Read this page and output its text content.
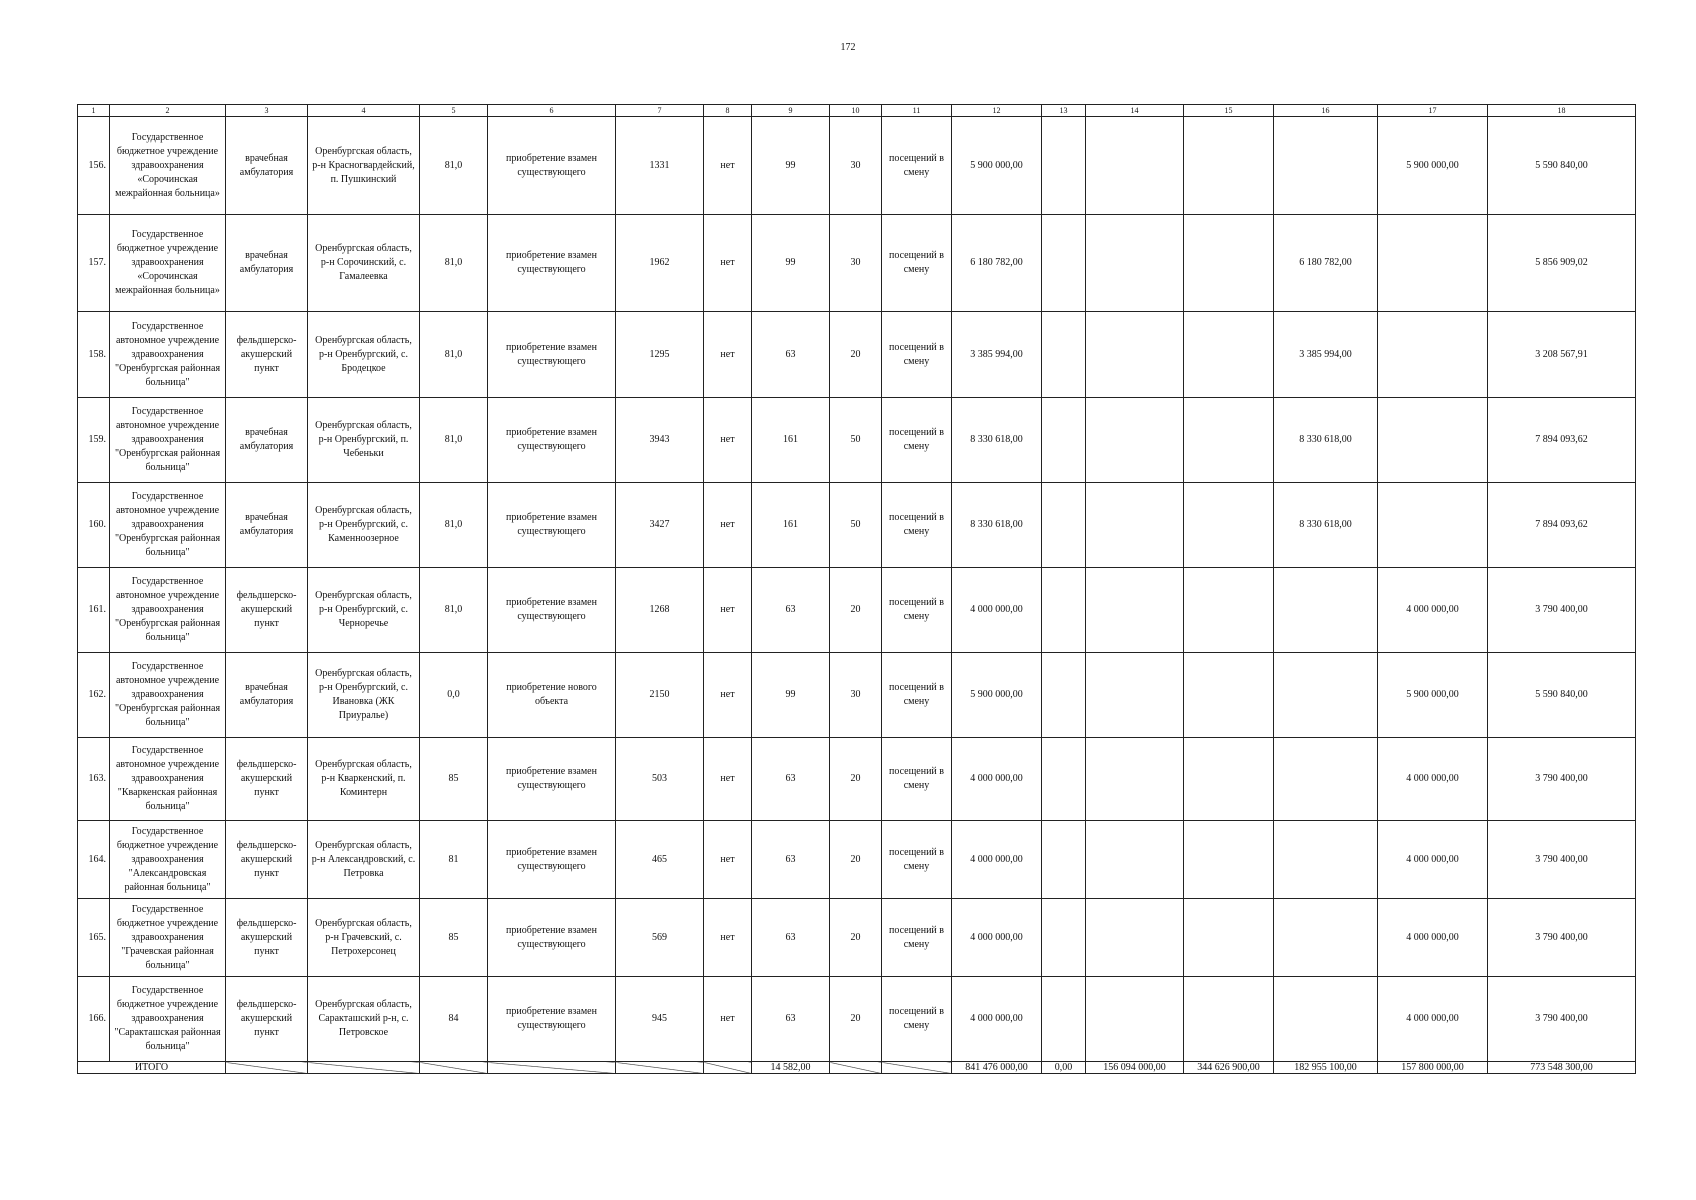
172
1	2	3	4	5	6	7	8	9	10	11	12	13	14	15	16	17	18
156.	Государственное бюджетное учреждение здравоохранения «Сорочинская межрайонная больница»	врачебная амбулатория	Оренбургская область, р-н Красногвардейский, п. Пушкинский	81,0	приобретение взамен существующего	1331	нет	99	30	посещений в смену	5 900 000,00					5 900 000,00	5 590 840,00
157.	Государственное бюджетное учреждение здравоохранения «Сорочинская межрайонная больница»	врачебная амбулатория	Оренбургская область, р-н Сорочинский, с. Гамалеевка	81,0	приобретение взамен существующего	1962	нет	99	30	посещений в смену	6 180 782,00				6 180 782,00		5 856 909,02
158.	Государственное автономное учреждение здравоохранения "Оренбургская районная больница"	фельдшерско-акушерский пункт	Оренбургская область, р-н Оренбургский, с. Бродецкое	81,0	приобретение взамен существующего	1295	нет	63	20	посещений в смену	3 385 994,00				3 385 994,00		3 208 567,91
159.	Государственное автономное учреждение здравоохранения "Оренбургская районная больница"	врачебная амбулатория	Оренбургская область, р-н Оренбургский, п. Чебеньки	81,0	приобретение взамен существующего	3943	нет	161	50	посещений в смену	8 330 618,00				8 330 618,00		7 894 093,62
160.	Государственное автономное учреждение здравоохранения "Оренбургская районная больница"	врачебная амбулатория	Оренбургская область, р-н Оренбургский, с. Каменноозерное	81,0	приобретение взамен существующего	3427	нет	161	50	посещений в смену	8 330 618,00				8 330 618,00		7 894 093,62
161.	Государственное автономное учреждение здравоохранения "Оренбургская районная больница"	фельдшерско-акушерский пункт	Оренбургская область, р-н Оренбургский, с. Черноречье	81,0	приобретение взамен существующего	1268	нет	63	20	посещений в смену	4 000 000,00					4 000 000,00	3 790 400,00
162.	Государственное автономное учреждение здравоохранения "Оренбургская районная больница"	врачебная амбулатория	Оренбургская область, р-н Оренбургский, с. Ивановка (ЖК Приуралье)	0,0	приобретение нового объекта	2150	нет	99	30	посещений в смену	5 900 000,00					5 900 000,00	5 590 840,00
163.	Государственное автономное учреждение здравоохранения "Кваркенская районная больница"	фельдшерско-акушерский пункт	Оренбургская область, р-н Кваркенский, п. Коминтерн	85	приобретение взамен существующего	503	нет	63	20	посещений в смену	4 000 000,00					4 000 000,00	3 790 400,00
164.	Государственное бюджетное учреждение здравоохранения "Александровская районная больница"	фельдшерско-акушерский пункт	Оренбургская область, р-н Александровский, с. Петровка	81	приобретение взамен существующего	465	нет	63	20	посещений в смену	4 000 000,00					4 000 000,00	3 790 400,00
165.	Государственное бюджетное учреждение здравоохранения "Грачевская районная больница"	фельдшерско-акушерский пункт	Оренбургская область, р-н Грачевский, с. Петрохерсонец	85	приобретение взамен существующего	569	нет	63	20	посещений в смену	4 000 000,00					4 000 000,00	3 790 400,00
166.	Государственное бюджетное учреждение здравоохранения "Саракташская районная больница"	фельдшерско-акушерский пункт	Оренбургская область, Саракташский р-н, с. Петровское	84	приобретение взамен существующего	945	нет	63	20	посещений в смену	4 000 000,00					4 000 000,00	3 790 400,00
ИТОГО								14 582,00			841 476 000,00	0,00	156 094 000,00	344 626 900,00	182 955 100,00	157 800 000,00	773 548 300,00
